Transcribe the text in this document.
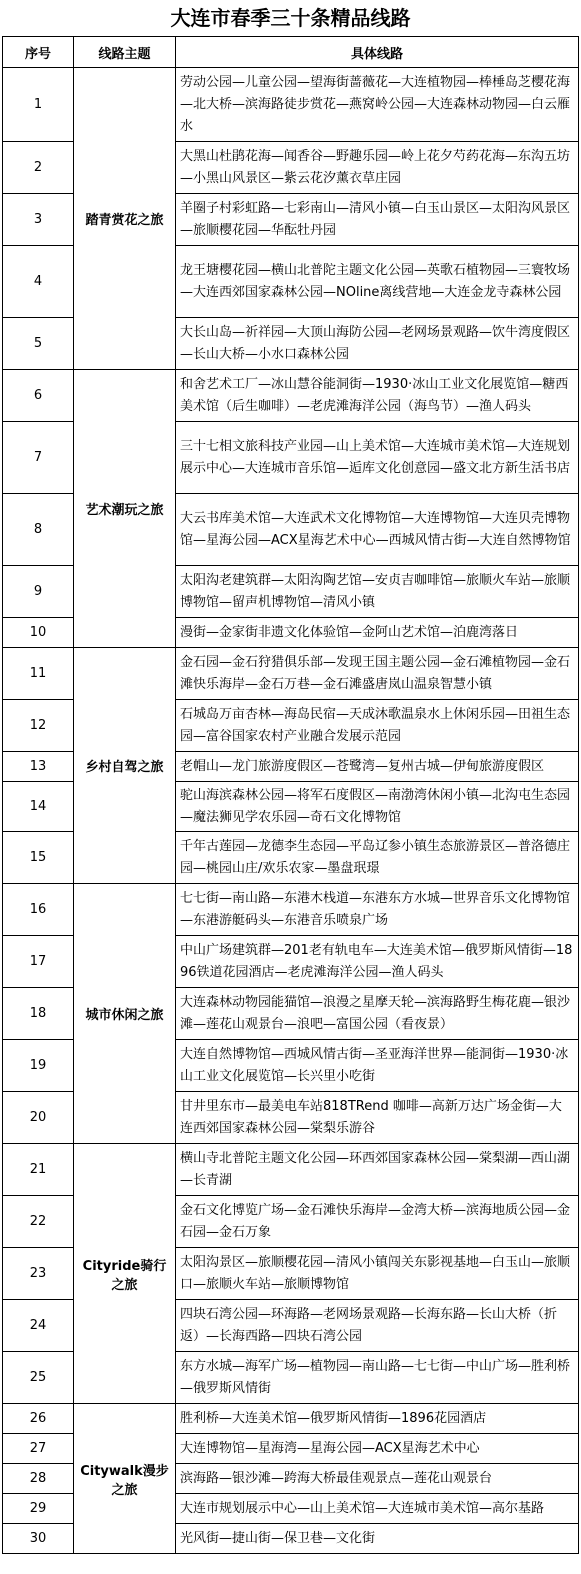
大连市春季三十条精品线路
序号	线路主题	具体线路
1	踏青赏花之旅	劳动公园—儿童公园—望海街蔷薇花—大连植物园—棒棰岛芝樱花海—北大桥—滨海路徒步赏花—燕窝岭公园—大连森林动物园—白云雁水
2		大黑山杜鹃花海—闻香谷—野趣乐园—岭上花夕芍药花海—东沟五坊—小黑山风景区—紫云花汐薰衣草庄园
3		羊圈子村彩虹路—七彩南山—清风小镇—白玉山景区—太阳沟风景区—旅顺樱花园—华酝牡丹园
4		龙王塘樱花园—横山北普陀主题文化公园—英歌石植物园—三寰牧场—大连西郊国家森林公园—NOline离线营地—大连金龙寺森林公园
5		大长山岛—祈祥园—大顶山海防公园—老网场景观路—饮牛湾度假区—长山大桥—小水口森林公园
6	艺术潮玩之旅	和舍艺术工厂—冰山慧谷能洞街—1930·冰山工业文化展览馆—糖西美术馆（后生咖啡）—老虎滩海洋公园（海鸟节）—渔人码头
7		三十七相文旅科技产业园—山上美术馆—大连城市美术馆—大连规划展示中心—大连城市音乐馆—逅库文化创意园—盛文北方新生活书店
8		大云书库美术馆—大连武术文化博物馆—大连博物馆—大连贝壳博物馆—星海公园—ACX星海艺术中心—西城风情古街—大连自然博物馆
9		太阳沟老建筑群—太阳沟陶艺馆—安贞吉咖啡馆—旅顺火车站—旅顺博物馆—留声机博物馆—清风小镇
10		漫街—金家街非遗文化体验馆—金阿山艺术馆—泊鹿湾落日
11	乡村自驾之旅	金石园—金石狩猎俱乐部—发现王国主题公园—金石滩植物园—金石滩快乐海岸—金石万巷—金石滩盛唐岚山温泉智慧小镇
12		石城岛万亩杏林—海岛民宿—天成沐歌温泉水上休闲乐园—田祖生态园—富谷国家农村产业融合发展示范园
13		老帽山—龙门旅游度假区—苍鹭湾—复州古城—伊甸旅游度假区
14		驼山海滨森林公园—将军石度假区—南渤湾休闲小镇—北沟屯生态园—魔法狮见学农乐园—奇石文化博物馆
15		千年古莲园—龙德李生态园—平岛辽参小镇生态旅游景区—普洛德庄园—桃园山庄/欢乐农家—墨盘珉璟
16	城市休闲之旅	七七街—南山路—东港木栈道—东港东方水城—世界音乐文化博物馆—东港游艇码头—东港音乐喷泉广场
17		中山广场建筑群—201老有轨电车—大连美术馆—俄罗斯风情街—1896铁道花园酒店—老虎滩海洋公园—渔人码头
18		大连森林动物园能猫馆—浪漫之星摩天轮—滨海路野生梅花鹿—银沙滩—莲花山观景台—浪吧—富国公园（看夜景）
19		大连自然博物馆—西城风情古街—圣亚海洋世界—能洞街—1930·冰山工业文化展览馆—长兴里小吃街
20		甘井里东市—最美电车站818TRend 咖啡—高新万达广场金街—大连西郊国家森林公园—棠梨乐游谷
21	Cityride骑行之旅	横山寺北普陀主题文化公园—环西郊国家森林公园—棠梨湖—西山湖—长青湖
22		金石文化博览广场—金石滩快乐海岸—金湾大桥—滨海地质公园—金石园—金石万象
23		太阳沟景区—旅顺樱花园—清风小镇闯关东影视基地—白玉山—旅顺口—旅顺火车站—旅顺博物馆
24		四块石湾公园—环海路—老网场景观路—长海东路—长山大桥（折返）—长海西路—四块石湾公园
25		东方水城—海军广场—植物园—南山路—七七街—中山广场—胜利桥—俄罗斯风情街
26	Citywalk漫步之旅	胜利桥—大连美术馆—俄罗斯风情街—1896花园酒店
27		大连博物馆—星海湾—星海公园—ACX星海艺术中心
28		滨海路—银沙滩—跨海大桥最佳观景点—莲花山观景台
29		大连市规划展示中心—山上美术馆—大连城市美术馆—高尔基路
30		光风街—捷山街—保卫巷—文化街
